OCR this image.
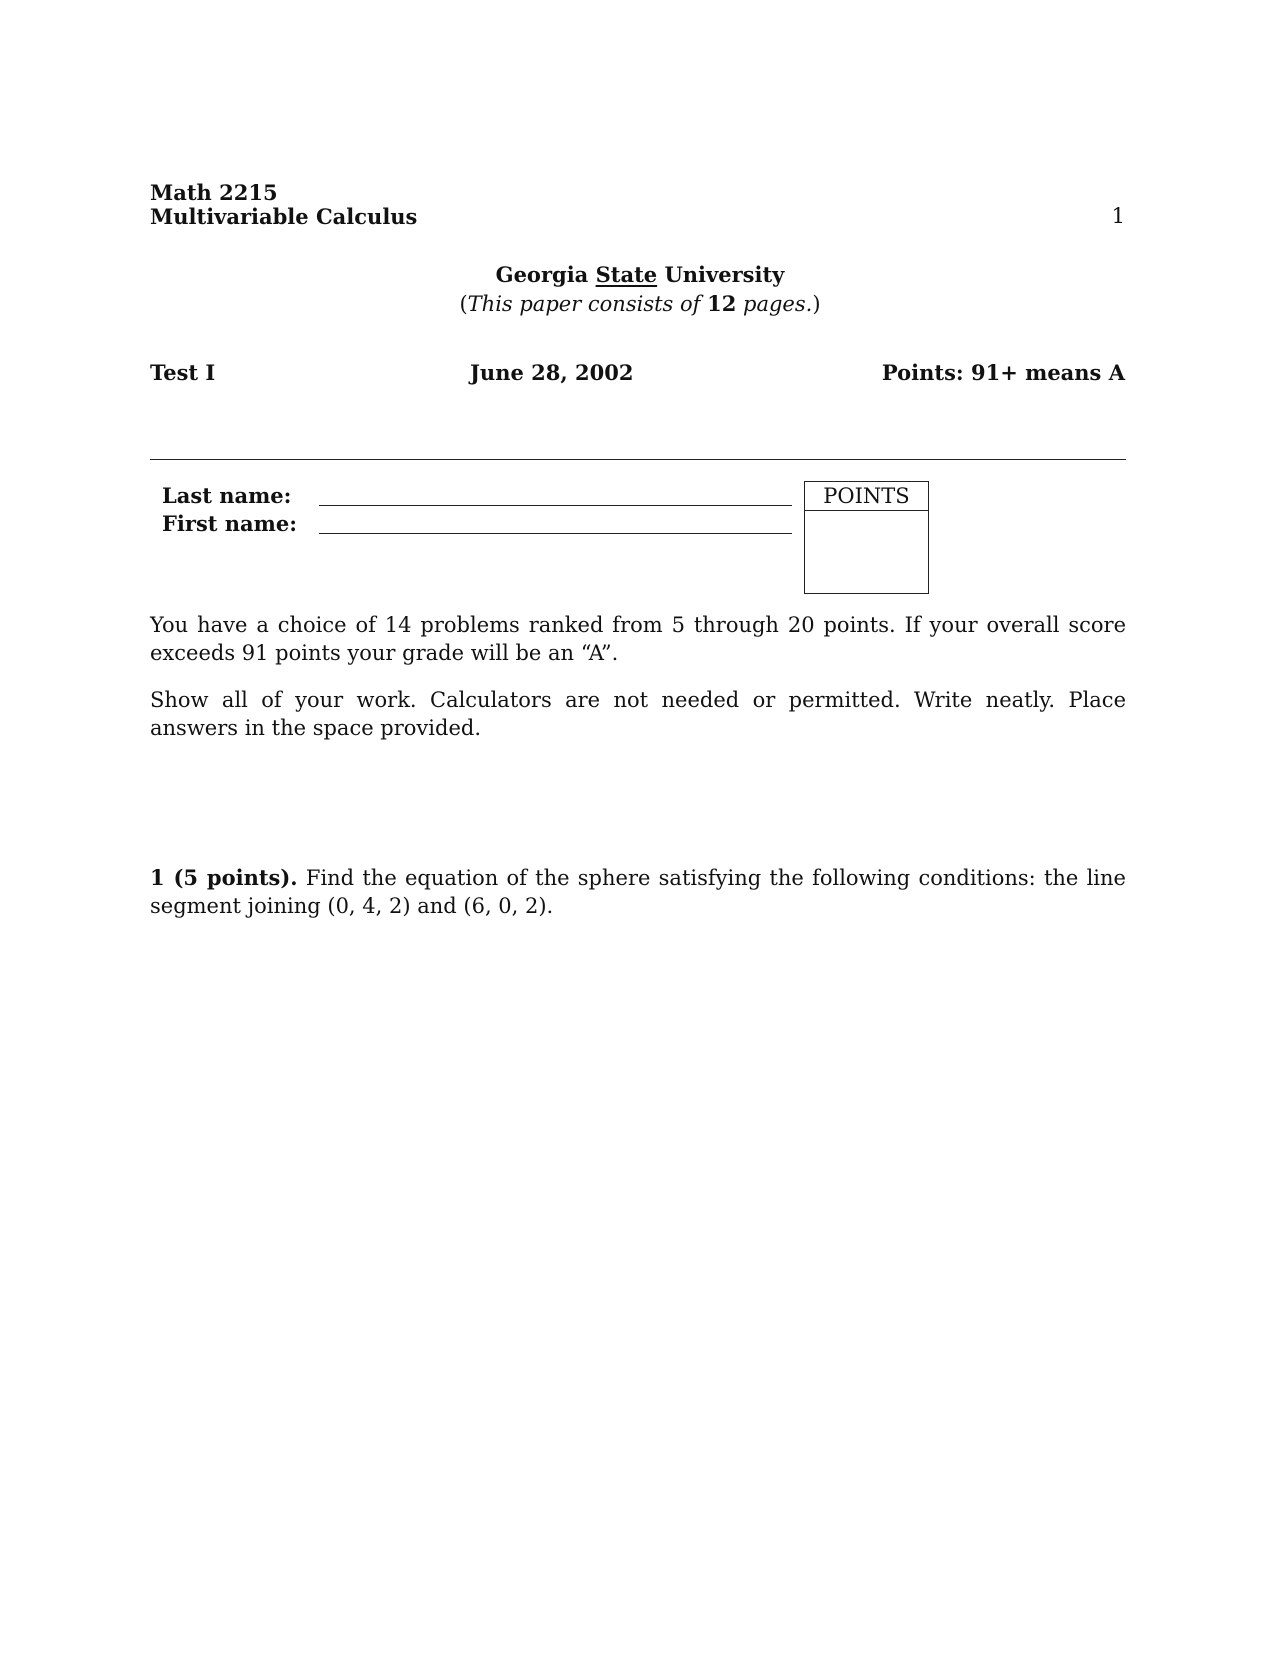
Math 2215
Multivariable Calculus	1
Georgia State University
(This paper consists of 12 pages.)
Test I	June 28, 2002	Points: 91+ means A
Last name:
First name:
POINTS
You have a choice of 14 problems ranked from 5 through 20 points. If your overall score exceeds 91 points your grade will be an “A”.
Show all of your work. Calculators are not needed or permitted. Write neatly. Place answers in the space provided.
1 (5 points). Find the equation of the sphere satisfying the following conditions: the line segment joining (0, 4, 2) and (6, 0, 2).
